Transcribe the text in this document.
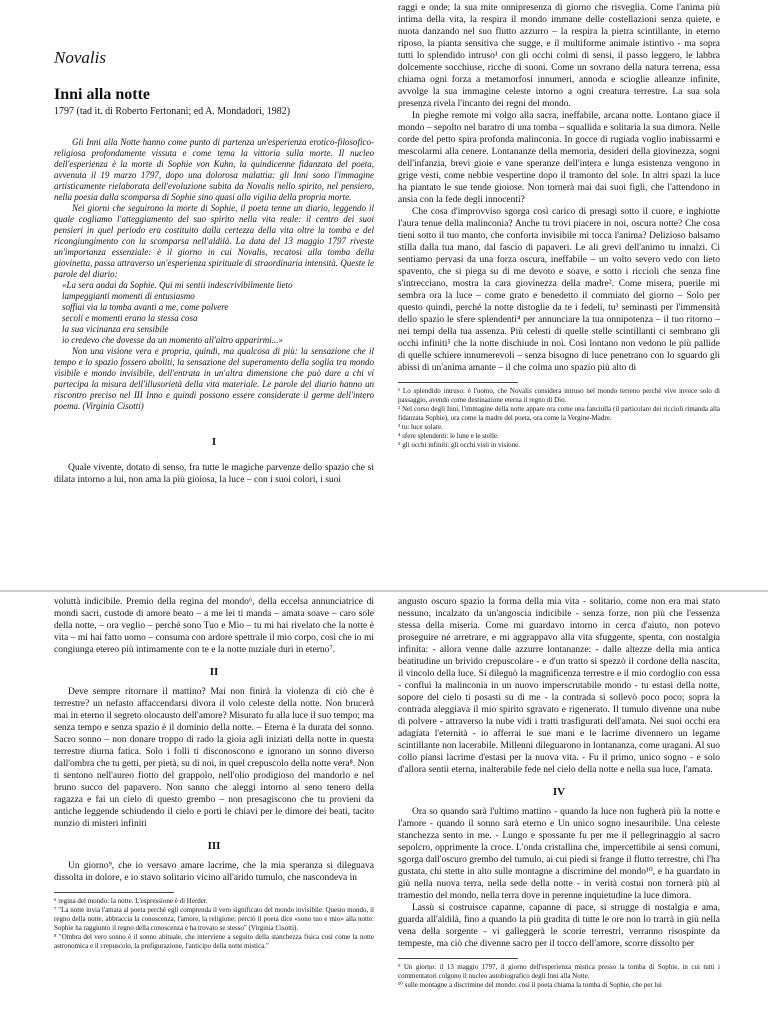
Novalis
Inni alla notte
1797 (tad it. di Roberto Fertonani; ed A. Mondadori, 1982)

Gli Inni alla Notte hanno come punto di partenza un'esperienza erotico-filosofico-religiosa profondamente vissuta e come tema la vittoria sulla morte. Il nucleo dell'esperienza è la morte di Sophie von Kuhn, la quindicenne fidanzata del poeta, avvenuta il 19 marzo 1797, dopo una dolorosa malattia: gli Inni sono l'immagine artisticamente rielaborata dell'evoluzione subita da Novalis nello spirito, nel pensiero, nella poesia dalla scomparsa di Sophie sino quasi alla vigilia della propria morte.

Nei giorni che seguirono la morte di Sophie, il poeta tenne un diario, leggendo il quale cogliamo l'atteggiamento del suo spirito nella vita reale: il centro dei suoi pensieri in quel periodo era costituito dalla certezza della vita oltre la tomba e del ricongiungimento con la scomparsa nell'aldilà. La data del 13 maggio 1797 riveste un'importanza essenziale: è il giorno in cui Novalis, recatosi alla tomba della giovinetta, passa attraverso un'esperienza spirituale di straordinaria intensità. Queste le parole del diario:

«La sera andai da Sophie. Qui mi sentii indescrivibilmente lieto
lampeggianti momenti di entusiasmo
soffiai via la tomba avanti a me, come polvere
secoli e momenti erano la stessa cosa
la sua vicinanza era sensibile
io credevo che dovesse da un momento all'altro apparirmi...»

Non una visione vera e propria, quindi, ma qualcosa di più: la sensazione che il tempo e lo spazio fossero aboliti, la sensazione del superamento della soglia tra mondo visibile e mondo invisibile, dell'entrata in un'altra dimensione che può dare a chi vi partecipa la misura dell'illusorietà della vita materiale. Le parole del diario hanno un riscontro preciso nel III Inno e quindi possono essere considerate il germe dell'intero poema. (Virginia Cisotti)

I

Quale vivente, dotato di senso, fra tutte le magiche parvenze dello spazio che si dilata intorno a lui, non ama la più gioiosa, la luce – con i suoi colori, i suoi

raggi e onde; la sua mite onnipresenza di giorno che risveglia. Come l'anima più intima della vita, la respira il mondo immane delle costellazioni senza quiete, e nuota danzando nel suo flutto azzurro – la respira la pietra scintillante, in eterno riposo, la pianta sensitiva che sugge, e il multiforme animale istintivo - ma sopra tutti lo splendido intruso¹ con gli occhi colmi di sensi, il passo leggero, le labbra dolcemente socchiuse, ricche di suoni. Come un sovrano della natura terrena, essa chiama ogni forza a metamorfosi innumeri, annoda e scioglie alleanze infinite, avvolge la sua immagine celeste intorno a ogni creatura terrestre. La sua sola presenza rivela l'incanto dei regni del mondo.

In pieghe remote mi volgo alla sacra, ineffabile, arcana notte. Lontano giace il mondo – sepolto nel baratro di una tomba – squallida e solitaria la sua dimora. Nelle corde del petto spira profonda malinconia. In gocce di rugiada voglio inabissarmi e mescolarmi alla cenere. Lontananze della memoria, desideri della giovinezza, sogni dell'infanzia, brevi gioie e vane speranze dell'intera e lunga esistenza vengono in grige vesti, come nebbie vespertine dopo il tramonto del sole. In altri spazi la luce ha piantato le sue tende gioiose. Non tornerà mai dai suoi figli, che l'attendono in ansia con la fede degli innocenti?

Che cosa d'improvviso sgorga così carico di presagi sotto il cuore, e inghiotte l'aura tenue della malinconia? Anche tu trovi piacere in noi, oscura notte? Che cosa tieni sotto il tuo manto, che conforta invisibile mi tocca l'anima? Delizioso balsamo stilla dalla tua mano, dal fascio di papaveri. Le ali grevi dell'animo tu innalzi. Ci sentiamo pervasi da una forza oscura, ineffabile – un volto severo vedo con lieto spavento, che si piega su di me devoto e soave, e sotto i riccioli che senza fine s'intrecciano, mostra la cara giovinezza della madre². Come misera, puerile mi sembra ora la luce – come grato e benedetto il commiato del giorno – Solo per questo quindi, perché la notte distoglie da te i fedeli, tu³ seminasti per l'immensità dello spazio le sfere splendenti⁴ per annunciare la tua onnipotenza – il tuo ritorno – nei tempi della tua assenza. Più celesti di quelle stelle scintillanti ci sembrano gli occhi infiniti⁵ che la notte dischiude in noi. Così lontano non vedono le più pallide di quelle schiere innumerevoli – senza bisogno di luce penetrano con lo sguardo gli abissi di un'anima amante – il che colma uno spazio più alto di

¹ Lo splendido intruso: è l'uomo, che Novalis considera intruso nel mondo terreno perché vive invece solo di passaggio, avendo come destinazione eterna il regno di Dio.
² Nel corso degli Inni, l'immagine della notte appare ora come una fanciulla (il particolare dei riccioli rimanda alla fidanzata Sophie), ora come la madre del poeta, ora come la Vergine-Madre.
³ tu: luce solare.
⁴ sfere splendenti: le lune e le stelle.
⁵ gli occhi infiniti: gli occhi visti in visione.

voluttà indicibile. Premio della regina del mondo⁶, della eccelsa annunciatrice di mondi sacri, custode di amore beato – a me lei ti manda – amata soave – caro sole della notte, – ora veglio – perché sono Tuo e Mio – tu mi hai rivelato che la notte è vita – mi hai fatto uomo – consuma con ardore spettrale il mio corpo, così che io mi congiunga etereo più intimamente con te e la notte nuziale duri in eterno⁷.

II

Deve sempre ritornare il mattino? Mai non finirà la violenza di ciò che è terrestre? un nefasto affaccendarsi divora il volo celeste della notte. Non brucerà mai in eterno il segreto olocausto dell'amore? Misurato fu alla luce il suo tempo; ma senza tempo e senza spazio è il dominio della notte. – Eterna è la durata del sonno. Sacro sonno – non donare troppo di rado la gioia agli iniziati della notte in questa terrestre diurna fatica. Solo i folli ti disconoscono e ignorano un sonno diverso dall'ombra che tu getti, per pietà, su di noi, in quel crepuscolo della notte vera⁸. Non ti sentono nell'aureo fiotto del grappolo, nell'olio prodigioso del mandorlo e nel bruno succo del papavero. Non sanno che aleggi intorno al seno tenero della ragazza e fai un cielo di questo grembo – non presagiscono che tu provieni da antiche leggende schiudendo il cielo e porti le chiavi per le dimore dei beati, tacito nunzio di misteri infiniti

III

Un giorno⁹, che io versavo amare lacrime, che la mia speranza si dileguava dissolta in dolore, e io stavo solitario vicino all'arido tumulo, che nascondeva in

⁶ regina del mondo: la notte. L'espressione è di Herder.
⁷ "La notte invia l'amata al poeta perché egli comprenda il vero significato del mondo invisibile. Questo mondo, il regno della notte, abbraccia la conoscenza, l'amore, la religione; perciò il poeta dice «sono tuo e mio» alla notte: Sophie ha raggiunto il regno della conoscenza e ha trovato se stesso" (Virginia Cisotti).
⁸ "Ombra del vero sonno è il sonno abituale, che interviene a seguito della stanchezza fisica così come la notte astronomica e il crepuscolo, la prefigurazione, l'anticipo della notte mistica."

angusto oscuro spazio la forma della mia vita - solitario, come non era mai stato nessuno, incalzato da un'angoscia indicibile - senza forze, non più che l'essenza stessa della miseria. Come mi guardavo intorno in cerca d'aiuto, non potevo proseguire né arretrare, e mi aggrappavo alla vita sfuggente, spenta, con nostalgia infinita: - allora venne dalle azzurre lontananze: - dalle altezze della mia antica beatitudine un brivido crepuscolare - e d'un tratto si spezzò il cordone della nascita, il vincolo della luce. Si dileguò la magnificenza terrestre e il mio cordoglio con essa - confluì la malinconia in un nuovo imperscrutabile mondo - tu estasi della notte, sopore del cielo ti posasti su di me - la contrada si sollevò poco poco; sopra la contrada aleggiava il mio spirito sgravato e rigenerato. Il tumulo divenne una nube di polvere - attraverso la nube vidi i tratti trasfigurati dell'amata. Nei suoi occhi era adagiata l'eternità - io afferrai le sue mani e le lacrime divennero un legame scintillante non lacerabile. Millenni dileguarono in lontananza, come uragani. Al suo collo piansi lacrime d'estasi per la nuova vita. - Fu il primo, unico sogno - e solo d'allora sentii eterna, inalterabile fede nel cielo della notte e nella sua luce, l'amata.

IV

Ora so quando sarà l'ultimo mattino - quando la luce non fugherà più la notte e l'amore - quando il sonno sarà eterno e Un unico sogno inesauribile. Una celeste stanchezza sento in me. - Lungo e spossante fu per me il pellegrinaggio al sacro sepolcro, opprimente la croce. L'onda cristallina che, impercettibile ai sensi comuni, sgorga dall'oscuro grembo del tumulo, ai cui piedi si frange il flutto terrestre, chi l'ha gustata, chi stette in alto sulle montagne a discrimine del mondo¹⁰, e ha guardato in giù nella nuova terra, nella sede della notte - in verità costui non tornerà più al tramestio del mondo, nella terra dove in perenne inquietudine la luce dimora.

Lassù si costruisce capanne, capanne di pace, si strugge di nostalgia e ama, guarda all'aldilà, fino a quando la più gradita di tutte le ore non lo trarrà in giù nella vena della sorgente - vi galleggerà le scorie terrestri, verranno risospinte da tempeste, ma ciò che divenne sacro per il tocco dell'amore, scorre dissolto per

⁹ Un giorno: il 13 maggio 1797, il giorno dell'esperienza mistica presso la tomba di Sophie, in cui tutti i commentatori colgono il nucleo autobiografico degli Inni alla Notte.
¹⁰ sulle montagne a discrimine del mondo: così il poeta chiama la tomba di Sophie, che per lui
